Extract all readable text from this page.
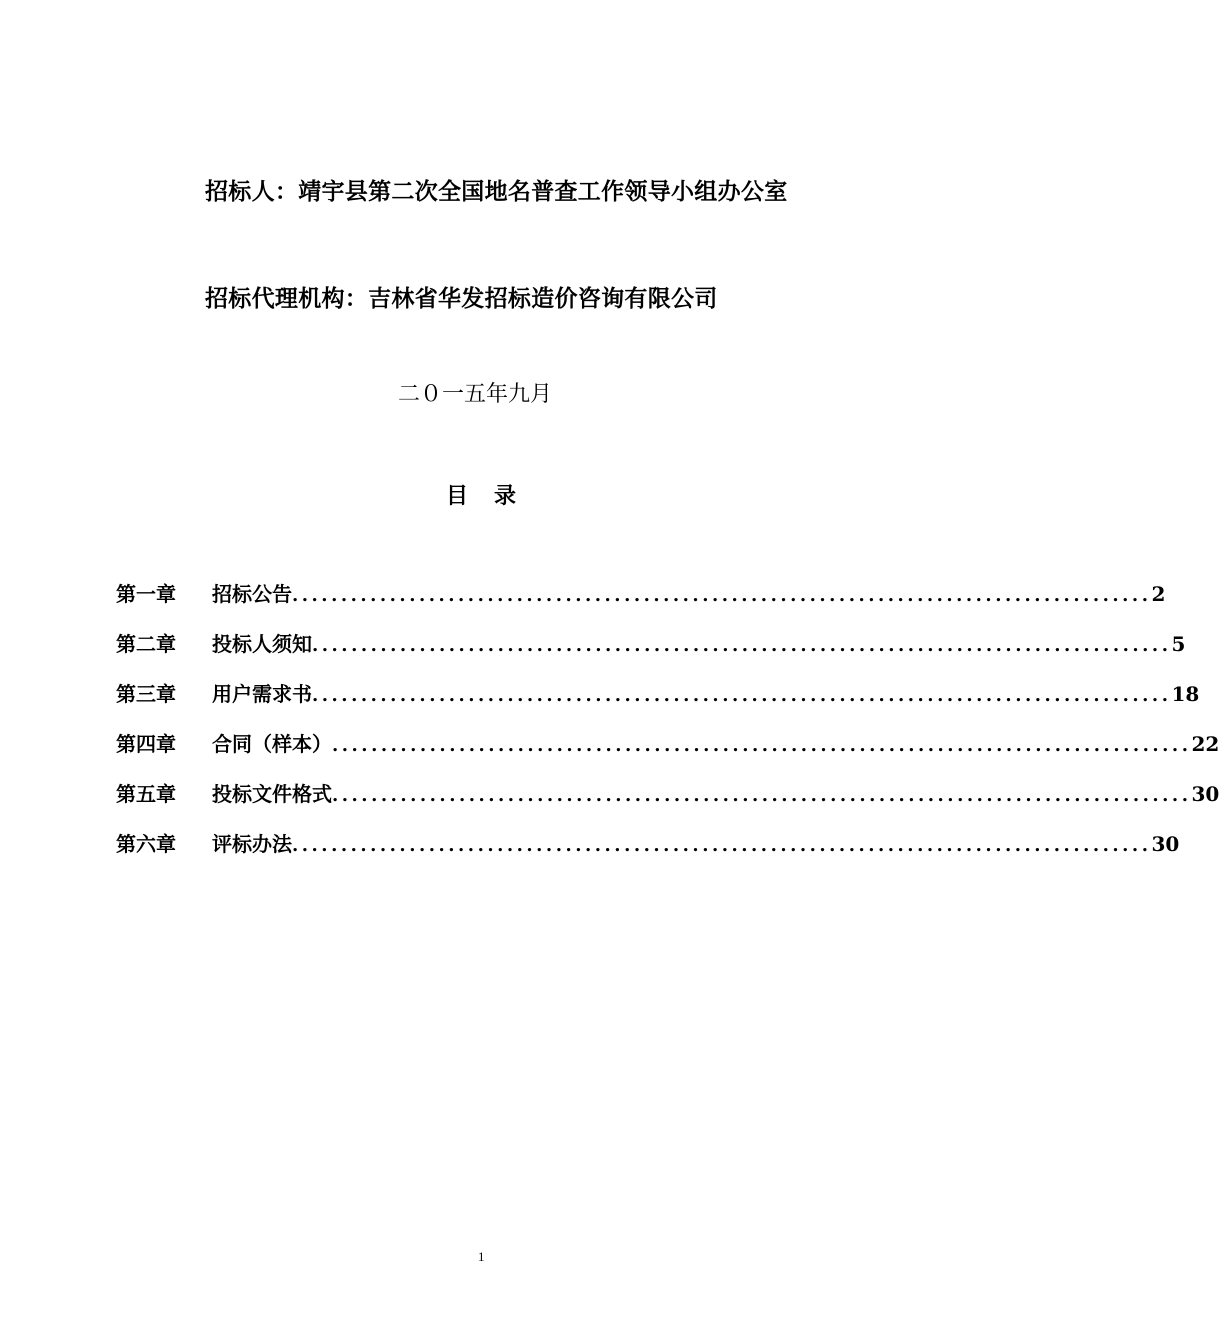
招标人：靖宇县第二次全国地名普查工作领导小组办公室
招标代理机构：吉林省华发招标造价咨询有限公司
二０一五年九月
目录
第一章	招标公告 ........................................................................................ 2
第二章	投标人须知 ........................................................................................ 5
第三章	用户需求书 ........................................................................................ 18
第四章	合同（样本） ........................................................................................ 22
第五章	投标文件格式 ........................................................................................ 30
第六章	评标办法 ........................................................................................ 30
1
